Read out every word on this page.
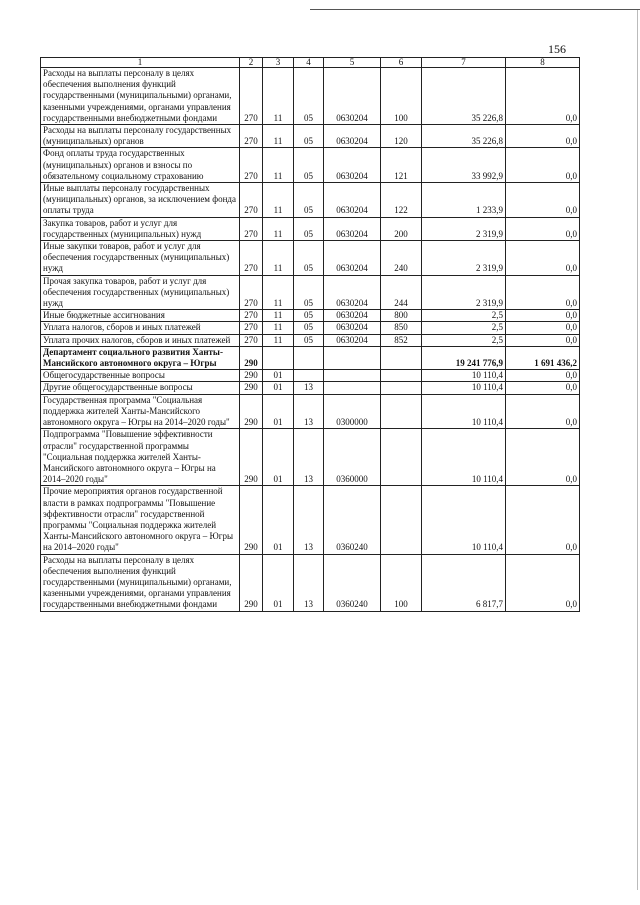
156
1	2	3	4	5	6	7	8
Расходы на выплаты персоналу в целях обеспечения выполнения функций государственными (муниципальными) органами, казенными учреждениями, органами управления государственными внебюджетными фондами	270	11	05	0630204	100	35 226,8	0,0
Расходы на выплаты персоналу государственных (муниципальных) органов	270	11	05	0630204	120	35 226,8	0,0
Фонд оплаты труда государственных (муниципальных) органов и взносы по обязательному социальному страхованию	270	11	05	0630204	121	33 992,9	0,0
Иные выплаты персоналу государственных (муниципальных) органов, за исключением фонда оплаты труда	270	11	05	0630204	122	1 233,9	0,0
Закупка товаров, работ и услуг для государственных (муниципальных) нужд	270	11	05	0630204	200	2 319,9	0,0
Иные закупки товаров, работ и услуг для обеспечения государственных (муниципальных) нужд	270	11	05	0630204	240	2 319,9	0,0
Прочая закупка товаров, работ и услуг для обеспечения государственных (муниципальных) нужд	270	11	05	0630204	244	2 319,9	0,0
Иные бюджетные ассигнования	270	11	05	0630204	800	2,5	0,0
Уплата налогов, сборов и иных платежей	270	11	05	0630204	850	2,5	0,0
Уплата прочих налогов, сборов и иных платежей	270	11	05	0630204	852	2,5	0,0
Департамент социального развития Ханты-Мансийского автономного округа – Югры	290					19 241 776,9	1 691 436,2
Общегосударственные вопросы	290	01				10 110,4	0,0
Другие общегосударственные вопросы	290	01	13			10 110,4	0,0
Государственная программа "Социальная поддержка жителей Ханты-Мансийского автономного округа – Югры на 2014–2020 годы"	290	01	13	0300000		10 110,4	0,0
Подпрограмма "Повышение эффективности отрасли" государственной программы "Социальная поддержка жителей Ханты-Мансийского автономного округа – Югры на 2014–2020 годы"	290	01	13	0360000		10 110,4	0,0
Прочие мероприятия органов государственной власти в рамках подпрограммы "Повышение эффективности отрасли" государственной программы "Социальная поддержка жителей Ханты-Мансийского автономного округа – Югры на 2014–2020 годы"	290	01	13	0360240		10 110,4	0,0
Расходы на выплаты персоналу в целях обеспечения выполнения функций государственными (муниципальными) органами, казенными учреждениями, органами управления государственными внебюджетными фондами	290	01	13	0360240	100	6 817,7	0,0
